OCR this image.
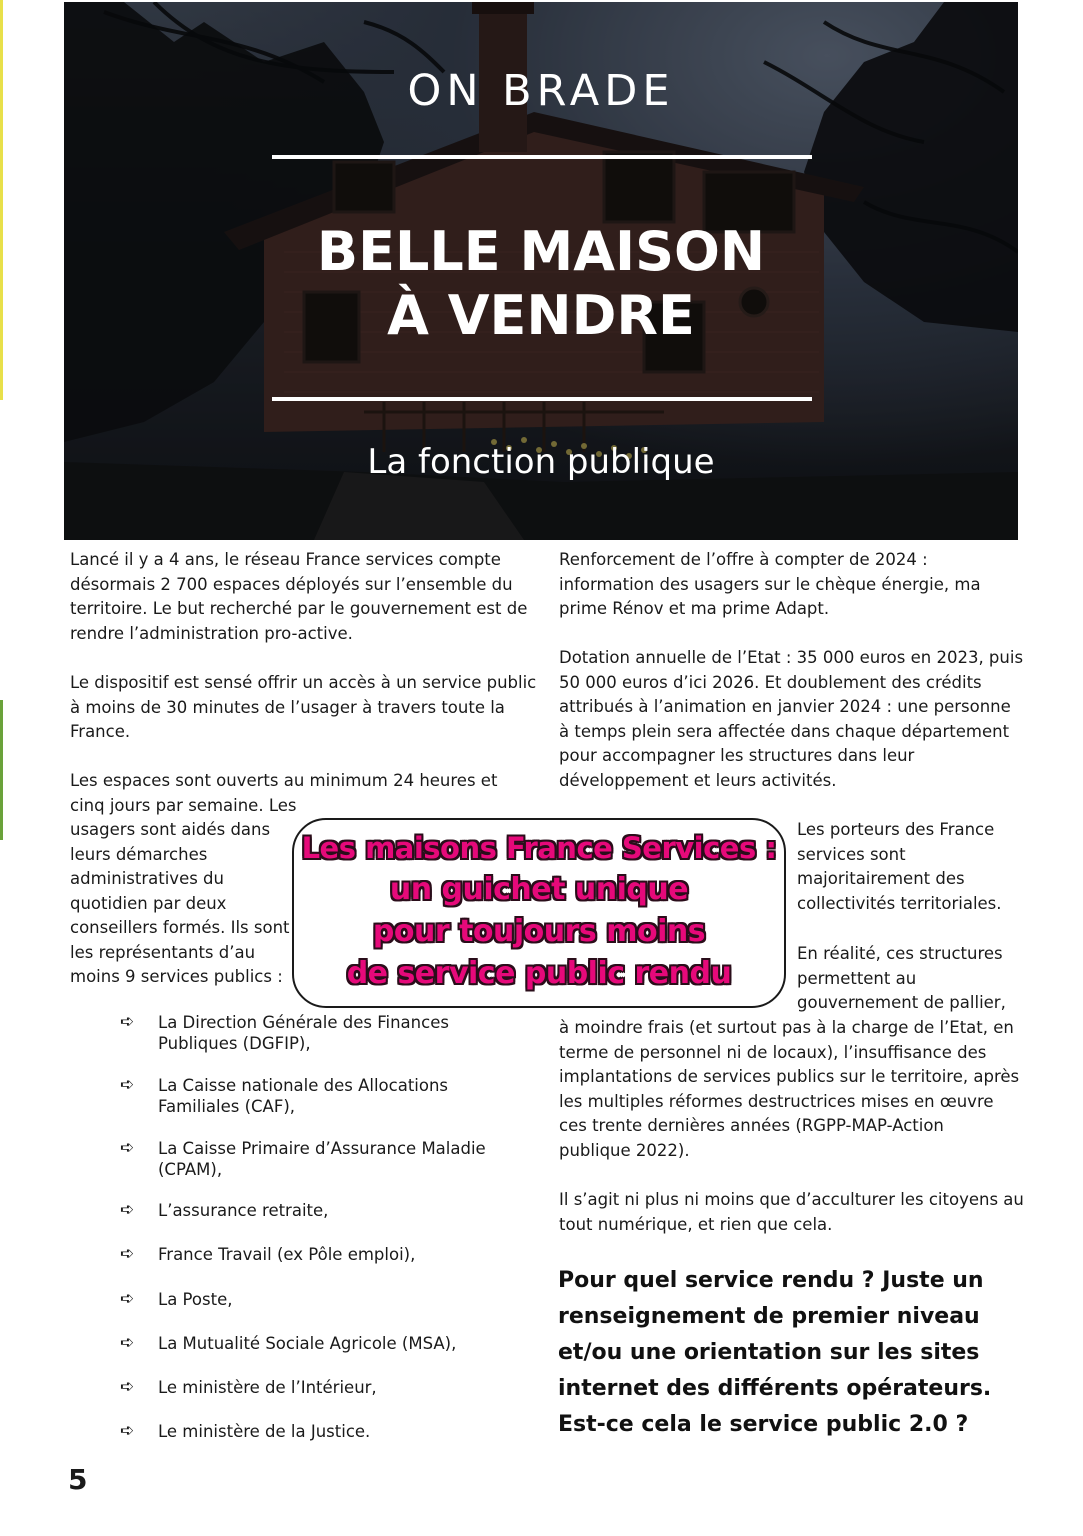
ON BRADE
BELLE MAISON
À VENDRE
La fonction publique

Lancé il y a 4 ans, le réseau France services compte

désormais 2 700 espaces déployés sur l’ensemble du

territoire. Le but recherché par le gouvernement est de

rendre l’administration pro-active.

Le dispositif est sensé offrir un accès à un service public

à moins de 30 minutes de l’usager à travers toute la

France.

Les espaces sont ouverts au minimum 24 heures et

cinq jours par semaine. Les

usagers sont aidés dans

leurs démarches

administratives du

quotidien par deux

conseillers formés. Ils sont

les représentants d’au

moins 9 services publics :

➪	La Direction Générale des Finances
Publiques (DGFIP),
➪	La Caisse nationale des Allocations
Familiales (CAF),
➪	La Caisse Primaire d’Assurance Maladie
(CPAM),
➪	L’assurance retraite,
➪	France Travail (ex Pôle emploi),
➪	La Poste,
➪	La Mutualité Sociale Agricole (MSA),
➪	Le ministère de l’Intérieur,
➪	Le ministère de la Justice.

Renforcement de l’offre à compter de 2024 :

information des usagers sur le chèque énergie, ma

prime Rénov et ma prime Adapt.

Dotation annuelle de l’Etat : 35 000 euros en 2023, puis

50 000 euros d’ici 2026. Et doublement des crédits

attribués à l’animation en janvier 2024 : une personne

à temps plein sera affectée dans chaque département

pour accompagner les structures dans leur

développement et leurs activités.

Les porteurs des France

services sont

majoritairement des

collectivités territoriales.

En réalité, ces structures

permettent au

gouvernement de pallier,

à moindre frais (et surtout pas à la charge de l’Etat, en

terme de personnel ni de locaux), l’insuffisance des

implantations de services publics sur le territoire, après

les multiples réformes destructrices mises en œuvre

ces trente dernières années (RGPP-MAP-Action

publique 2022).

Il s’agit ni plus ni moins que d’acculturer les citoyens au

tout numérique, et rien que cela.

Les maisons France Services :
un guichet unique
pour toujours moins
de service public rendu

Pour quel service rendu ? Juste un

renseignement de premier niveau

et/ou une orientation sur les sites

internet des différents opérateurs.

Est-ce cela le service public 2.0 ?

5
